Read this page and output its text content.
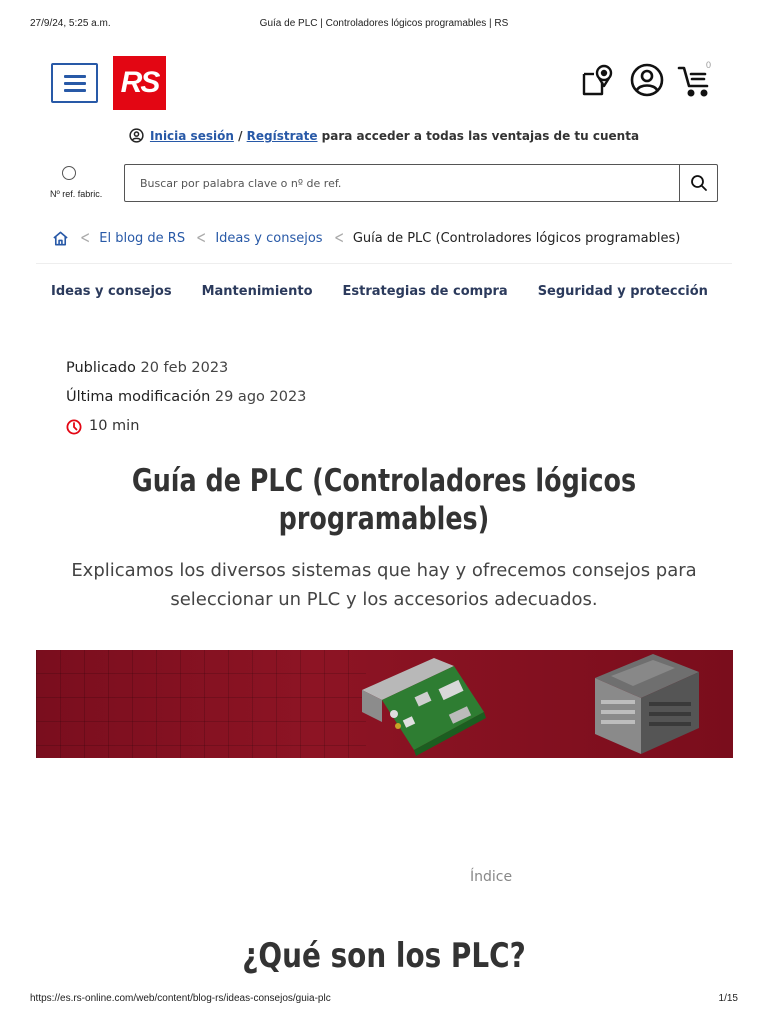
27/9/24, 5:25 a.m.	Guía de PLC | Controladores lógicos programables | RS
RS
0
Inicia sesión / Regístrate para acceder a todas las ventajas de tu cuenta
Nº ref. fabric.
Buscar por palabra clave o nº de ref.
< El blog de RS < Ideas y consejos < Guía de PLC (Controladores lógicos programables)
Ideas y consejos Mantenimiento Estrategias de compra Seguridad y protección
Publicado 20 feb 2023
Última modificación 29 ago 2023
10 min
Guía de PLC (Controladores lógicos programables)

Explicamos los diversos sistemas que hay y ofrecemos consejos para seleccionar un PLC y los accesorios adecuados.

Índice
¿Qué son los PLC?
https://es.rs-online.com/web/content/blog-rs/ideas-consejos/guia-plc	1/15
